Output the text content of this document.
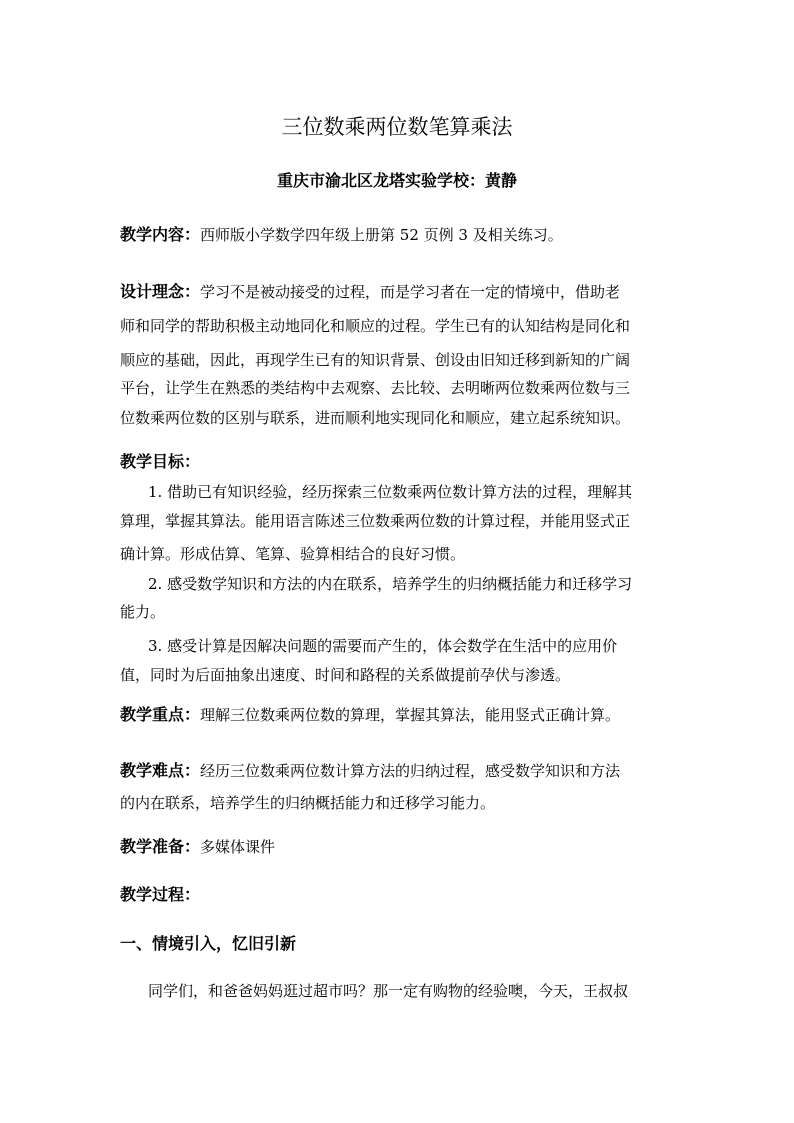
三位数乘两位数笔算乘法
重庆市渝北区龙塔实验学校：黄静
教学内容：西师版小学数学四年级上册第 52 页例 3 及相关练习。
设计理念：学习不是被动接受的过程，而是学习者在一定的情境中，借助老
师和同学的帮助积极主动地同化和顺应的过程。学生已有的认知结构是同化和
顺应的基础，因此，再现学生已有的知识背景、创设由旧知迁移到新知的广阔
平台，让学生在熟悉的类结构中去观察、去比较、去明晰两位数乘两位数与三
位数乘两位数的区别与联系，进而顺利地实现同化和顺应，建立起系统知识。
教学目标：
1. 借助已有知识经验，经历探索三位数乘两位数计算方法的过程，理解其
算理，掌握其算法。能用语言陈述三位数乘两位数的计算过程，并能用竖式正
确计算。形成估算、笔算、验算相结合的良好习惯。
2. 感受数学知识和方法的内在联系，培养学生的归纳概括能力和迁移学习
能力。
3. 感受计算是因解决问题的需要而产生的，体会数学在生活中的应用价
值，同时为后面抽象出速度、时间和路程的关系做提前孕伏与渗透。
教学重点：理解三位数乘两位数的算理，掌握其算法，能用竖式正确计算。
教学难点：经历三位数乘两位数计算方法的归纳过程，感受数学知识和方法
的内在联系，培养学生的归纳概括能力和迁移学习能力。
教学准备：多媒体课件
教学过程：
一、情境引入，忆旧引新
同学们，和爸爸妈妈逛过超市吗？那一定有购物的经验噢，今天，王叔叔
